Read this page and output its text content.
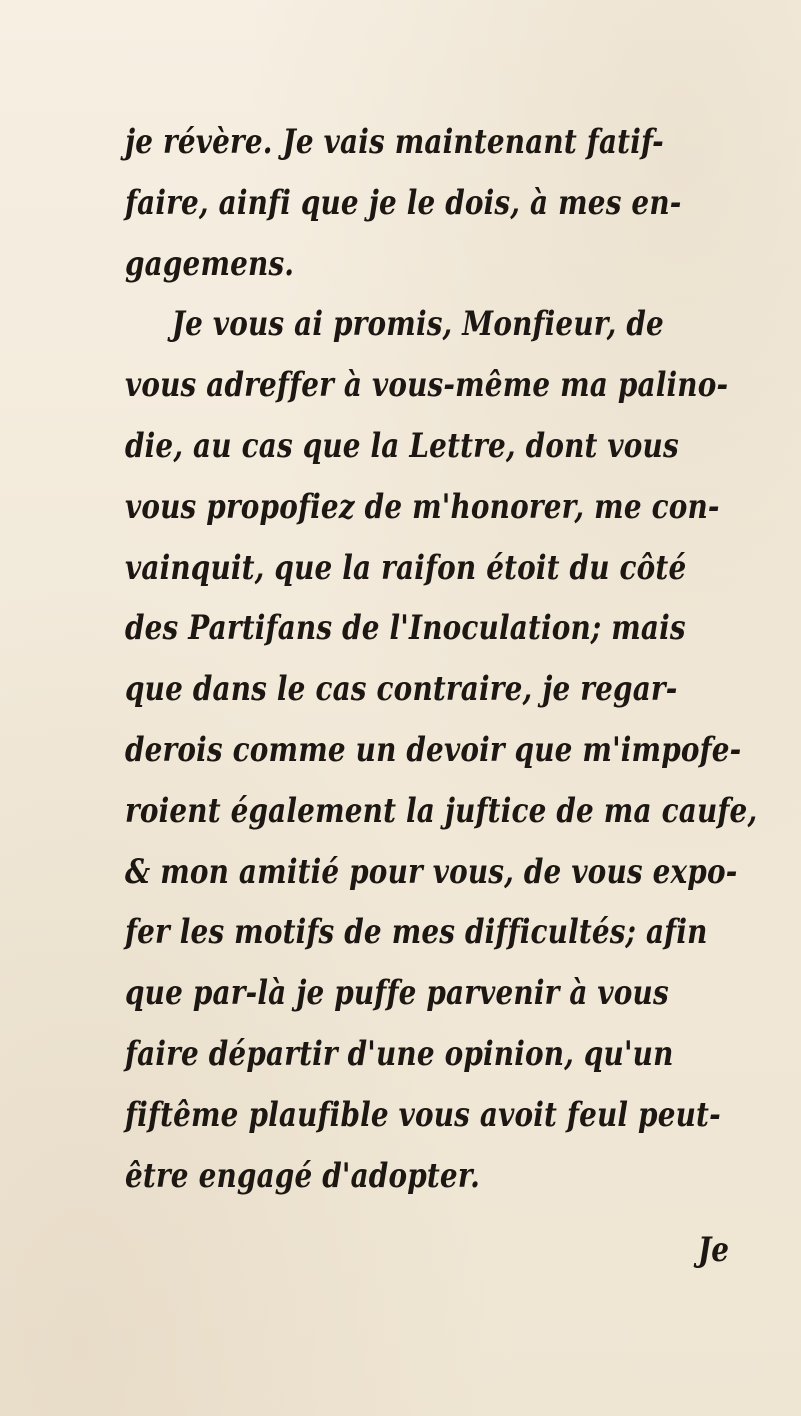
je révère. Je vais maintenant fatif-
faire, ainfi que je le dois, à mes en-
gagemens.
Je vous ai promis, Monfieur, de
vous adreffer à vous-même ma palino-
die, au cas que la Lettre, dont vous
vous propofiez de m'honorer, me con-
vainquit, que la raifon étoit du côté
des Partifans de l'Inoculation; mais
que dans le cas contraire, je regar-
derois comme un devoir que m'impofe-
roient également la juftice de ma caufe,
& mon amitié pour vous, de vous expo-
fer les motifs de mes difficultés; afin
que par-là je puffe parvenir à vous
faire départir d'une opinion, qu'un
fiftême plaufible vous avoit feul peut-
être engagé d'adopter.
Je
